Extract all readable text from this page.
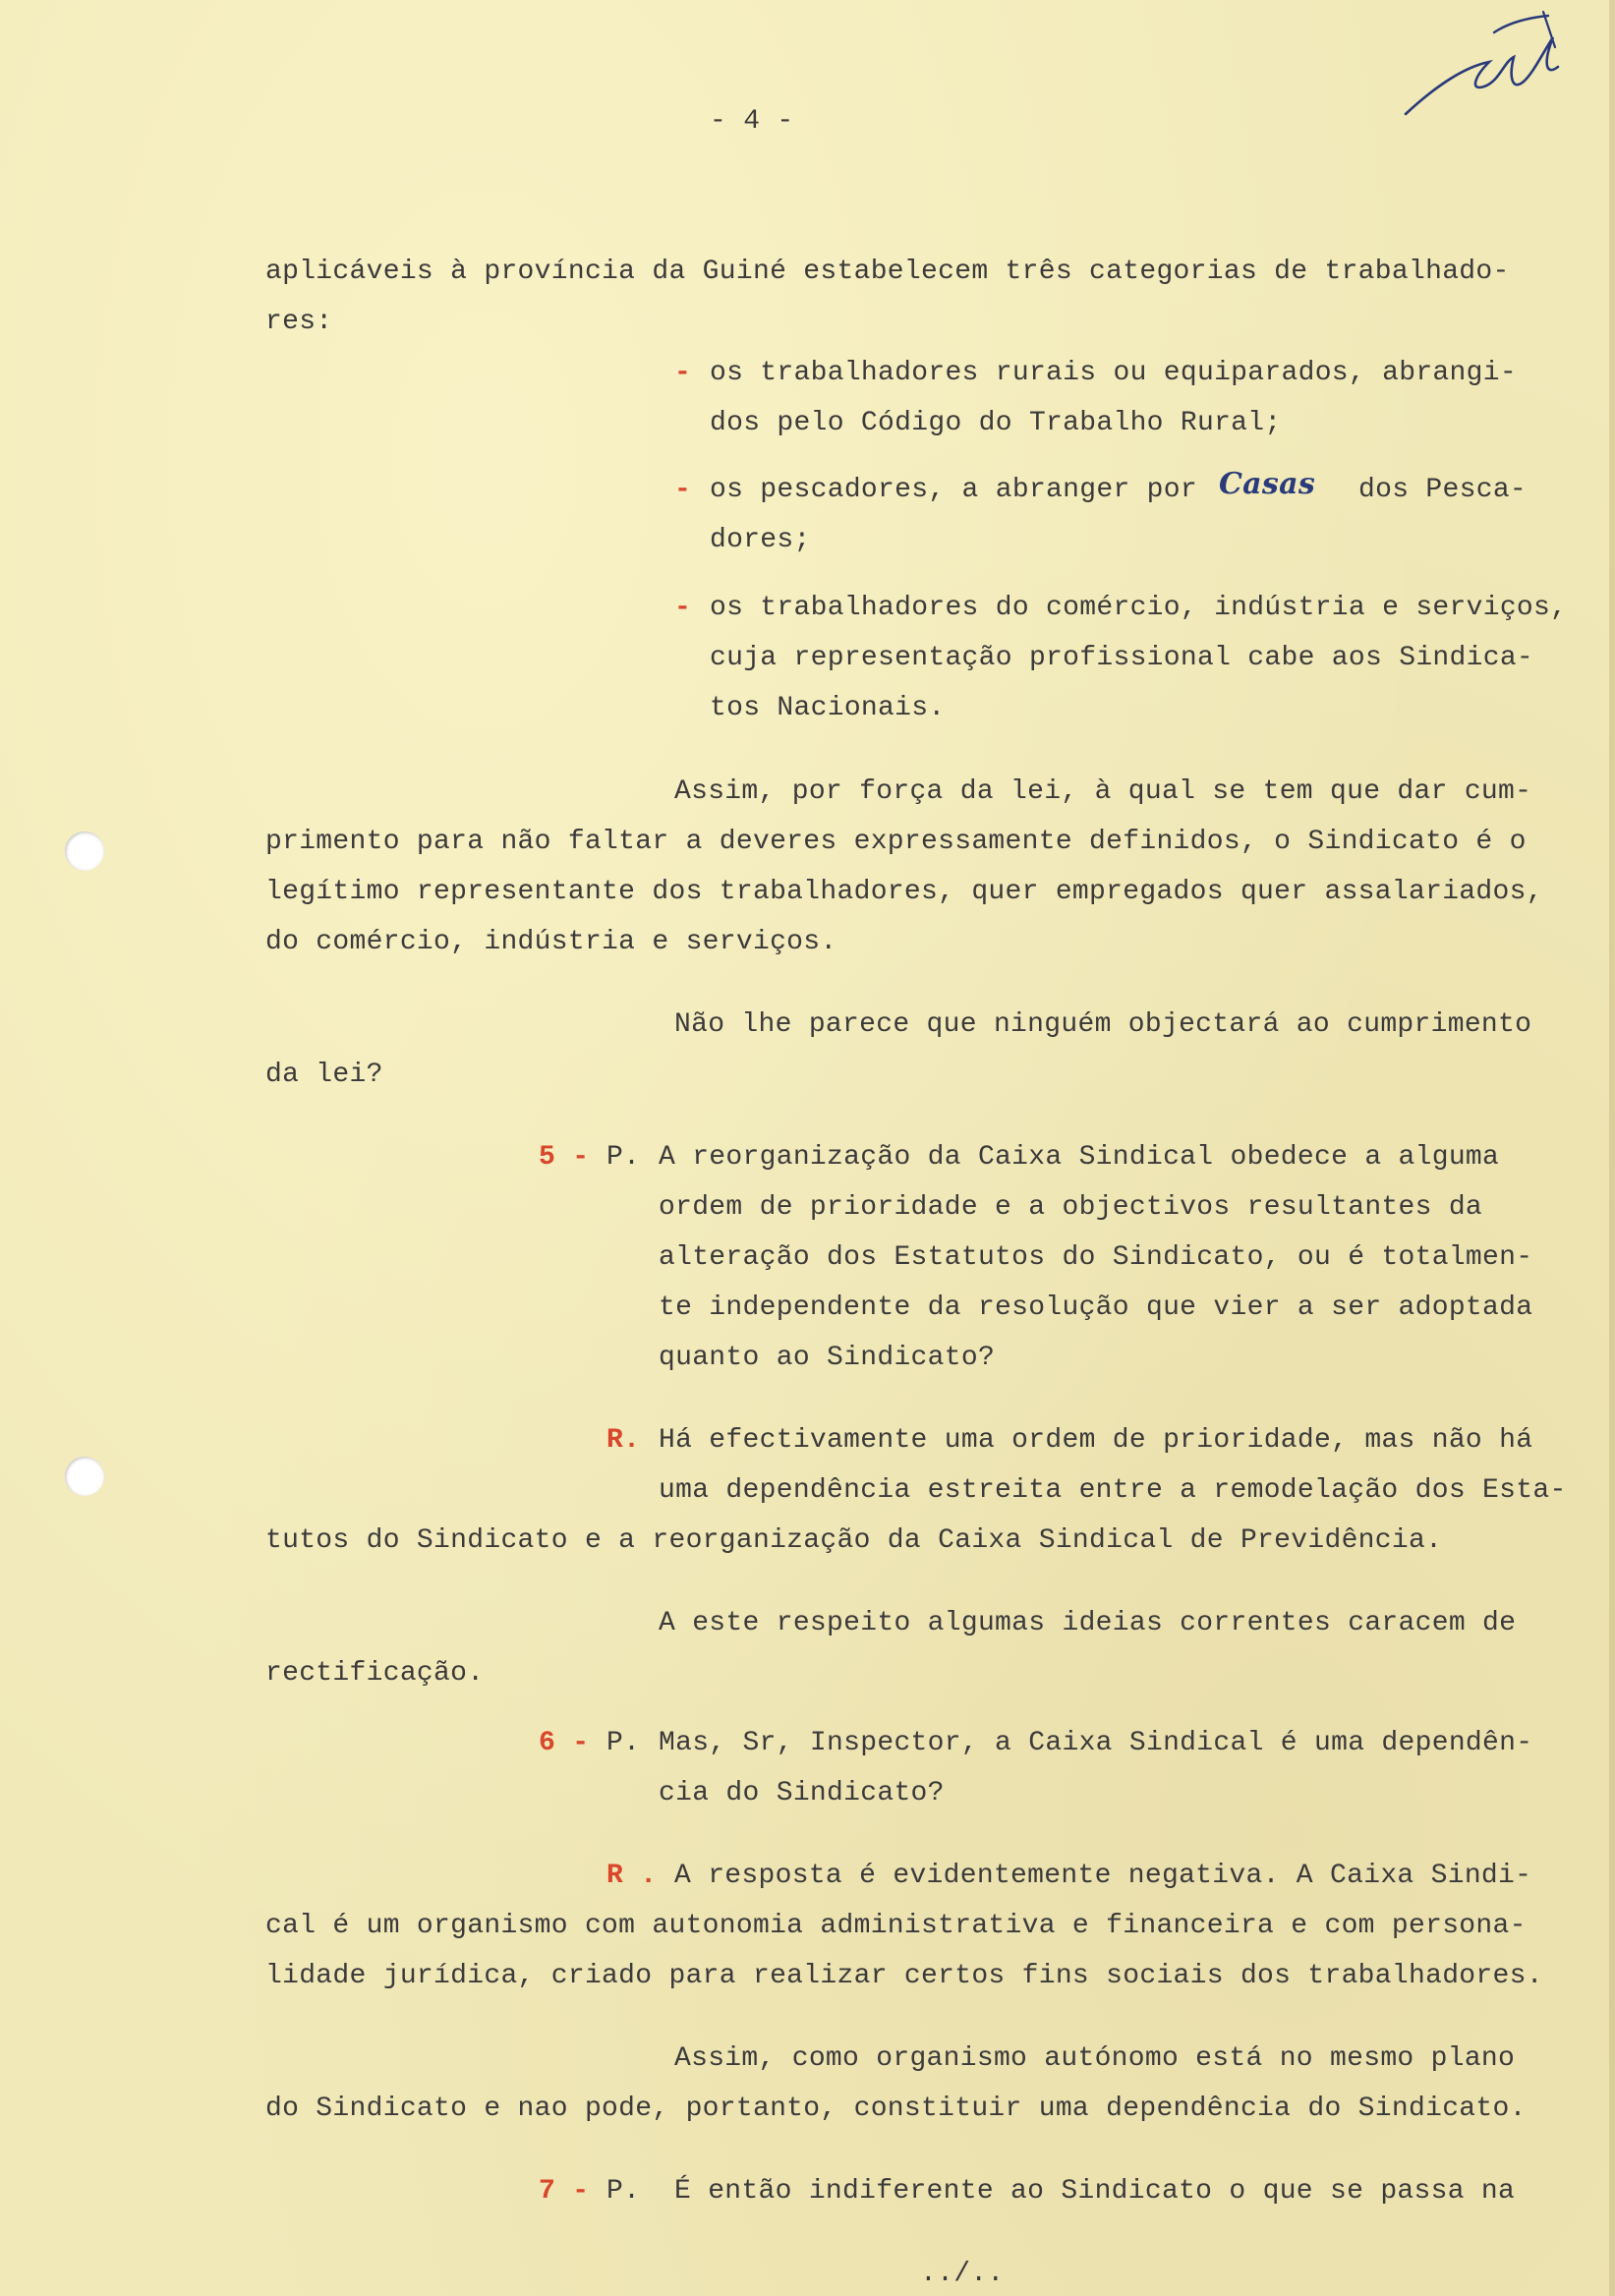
- 4 -
aplicáveis à província da Guiné estabelecem três categorias de trabalhado-
res:
- os trabalhadores rurais ou equiparados, abrangi-
dos pelo Código do Trabalho Rural;
- os pescadores, a abranger por Casas dos Pesca-
dores;
- os trabalhadores do comércio, indústria e serviços,
cuja representação profissional cabe aos Sindica-
tos Nacionais.
Assim, por força da lei, à qual se tem que dar cum-
primento para não faltar a deveres expressamente definidos, o Sindicato é o
legítimo representante dos trabalhadores, quer empregados quer assalariados,
do comércio, indústria e serviços.
Não lhe parece que ninguém objectará ao cumprimento
da lei?
5 - P. A reorganização da Caixa Sindical obedece a alguma
ordem de prioridade e a objectivos resultantes da
alteração dos Estatutos do Sindicato, ou é totalmen-
te independente da resolução que vier a ser adoptada
quanto ao Sindicato?
R. Há efectivamente uma ordem de prioridade, mas não há
uma dependência estreita entre a remodelação dos Esta-
tutos do Sindicato e a reorganização da Caixa Sindical de Previdência.
A este respeito algumas ideias correntes caracem de
rectificação.
6 - P. Mas, Sr, Inspector, a Caixa Sindical é uma dependên-
cia do Sindicato?
R . A resposta é evidentemente negativa. A Caixa Sindi-
cal é um organismo com autonomia administrativa e financeira e com persona-
lidade jurídica, criado para realizar certos fins sociais dos trabalhadores.
Assim, como organismo autónomo está no mesmo plano
do Sindicato e nao pode, portanto, constituir uma dependência do Sindicato.
7 - P. É então indiferente ao Sindicato o que se passa na
../..
